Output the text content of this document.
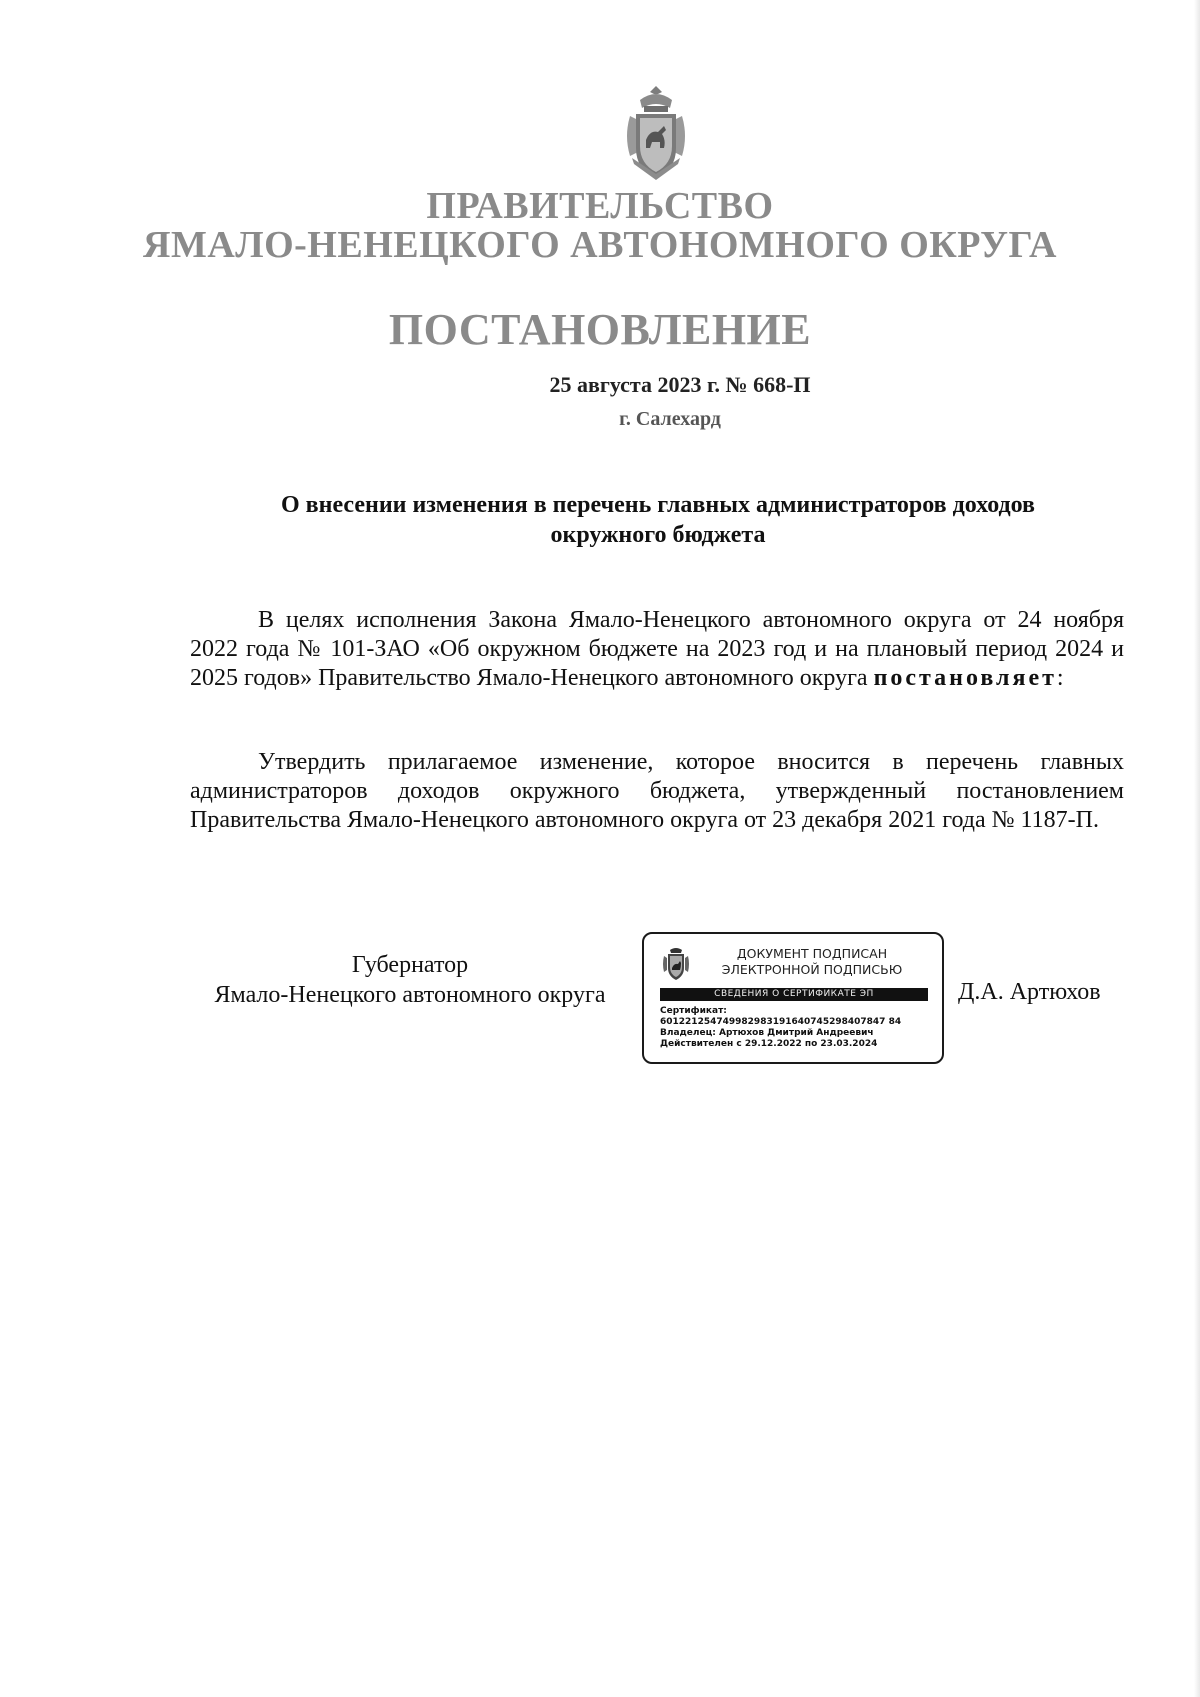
ПРАВИТЕЛЬСТВО
ЯМАЛО-НЕНЕЦКОГО АВТОНОМНОГО ОКРУГА
ПОСТАНОВЛЕНИЕ
25 августа 2023 г. № 668-П
г. Салехард
О внесении изменения в перечень главных администраторов доходов
окружного бюджета
В целях исполнения Закона Ямало-Ненецкого автономного округа от 24 ноября 2022 года № 101-ЗАО «Об окружном бюджете на 2023 год и на плановый период 2024 и 2025 годов» Правительство Ямало-Ненецкого автономного округа постановляет:
Утвердить прилагаемое изменение, которое вносится в перечень главных администраторов доходов окружного бюджета, утвержденный постановлением Правительства Ямало-Ненецкого автономного округа от 23 декабря 2021 года № 1187-П.
Губернатор
Ямало-Ненецкого автономного округа
ДОКУМЕНТ ПОДПИСАН
ЭЛЕКТРОННОЙ ПОДПИСЬЮ
СВЕДЕНИЯ О СЕРТИФИКАТЕ ЭП
Сертификат:
601221254749982983191640745298407847 84
Владелец: Артюхов Дмитрий Андреевич
Действителен с 29.12.2022 по 23.03.2024
Д.А. Артюхов
